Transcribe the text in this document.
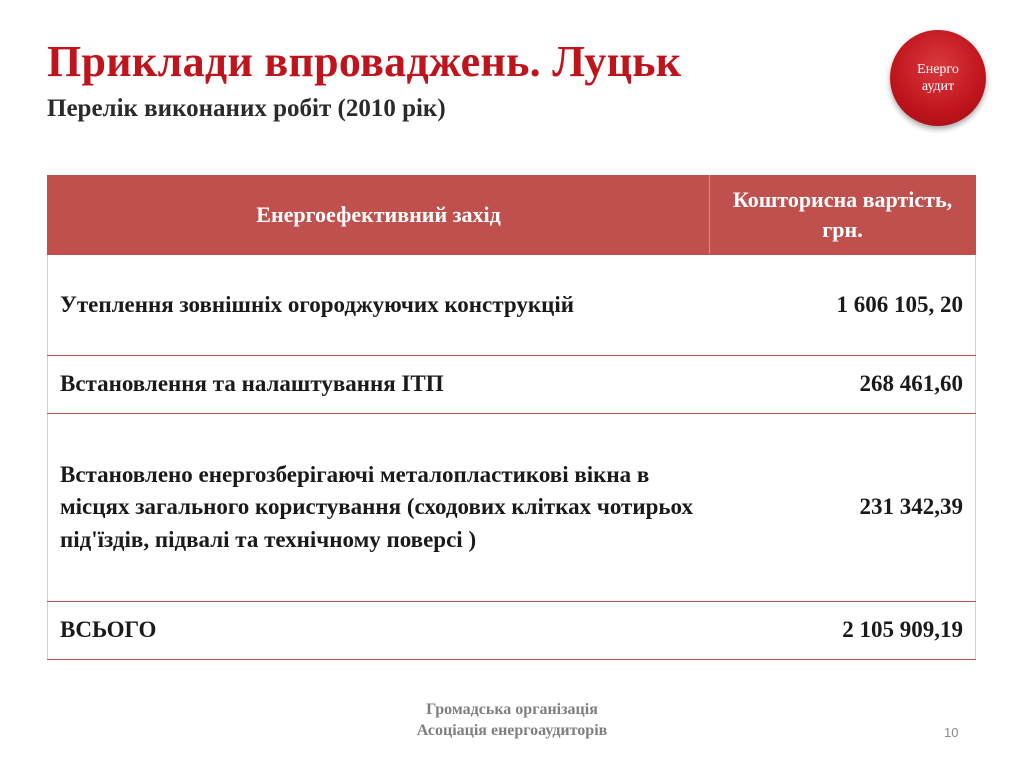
Приклади впроваджень. Луцьк
Перелік виконаних робіт (2010 рік)
Енерго
аудит
Енергоефективний захід	Кошторисна вартість, грн.
Утеплення зовнішніх огороджуючих конструкцій	1 606 105, 20
Встановлення та налаштування ІТП	268 461,60
Встановлено енергозберігаючі металопластикові вікна в місцях загального користування (сходових клітках чотирьох під'їздів, підвалі та технічному поверсі )	231 342,39
ВСЬОГО	2 105 909,19
Громадська організація
Асоціація енергоаудиторів	10
